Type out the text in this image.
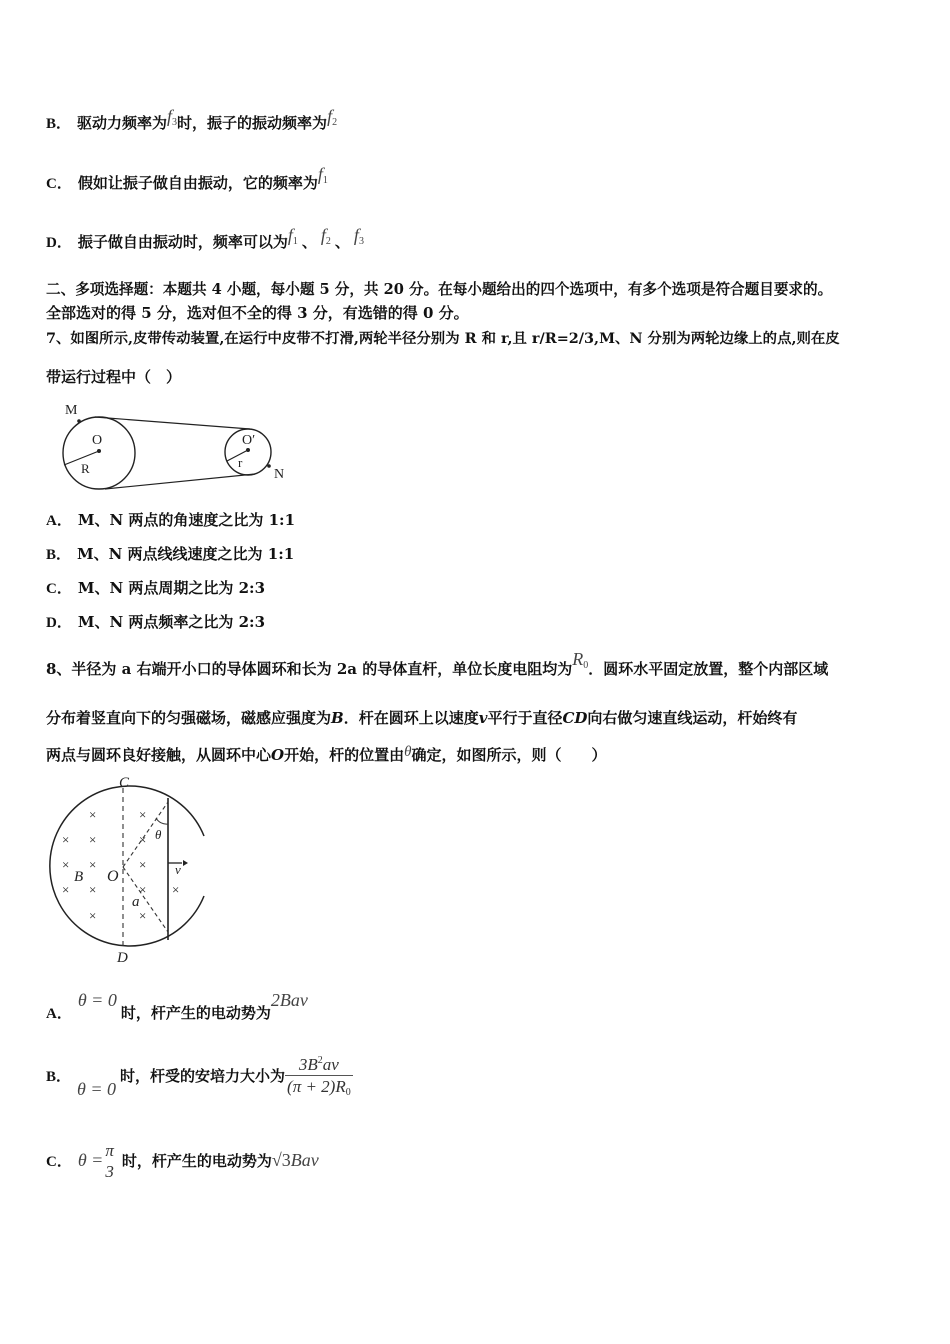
B． 驱动力频率为$f_3$时，振子的振动频率为$f_2$
C． 假如让振子做自由振动，它的频率为$f_1$
D． 振子做自由振动时，频率可以为$f_1$ 、 $f_2$ 、 $f_3$
二、多项选择题：本题共 4 小题，每小题 5 分，共 20 分。在每小题给出的四个选项中，有多个选项是符合题目要求的。
全部选对的得 5 分，选对但不全的得 3 分，有选错的得 0 分。
7、如图所示,皮带传动装置,在运行中皮带不打滑,两轮半径分别为 R 和 r,且 r/R=2/3,M、N 分别为两轮边缘上的点,则在皮
带运行过程中（　）
M
O
R
O′
r
N
A． M、N 两点的角速度之比为 1:1
B． M、N 两点线线速度之比为 1:1
C． M、N 两点周期之比为 2:3
D． M、N 两点频率之比为 2:3
8、半径为 a 右端开小口的导体圆环和长为 2a 的导体直杆，单位长度电阻均为$R_0$．圆环水平固定放置，整个内部区域
分布着竖直向下的匀强磁场，磁感应强度为B．杆在圆环上以速度v平行于直径CD向右做匀速直线运动，杆始终有
两点与圆环良好接触，从圆环中心O开始，杆的位置由θ确定，如图所示，则（　　）
×	×
×	×
× ×	×
× ×	×
×	×
×
×
C
D
O
B
a
θ
v
A．θ = 0时，杆产生的电动势为2Bav
B．θ = 0时，杆受的安培力大小为 $\frac{3B^2av}{(\pi + 2)R_0}$
C． θ = π
3
时，杆产生的电动势为√3Bav
